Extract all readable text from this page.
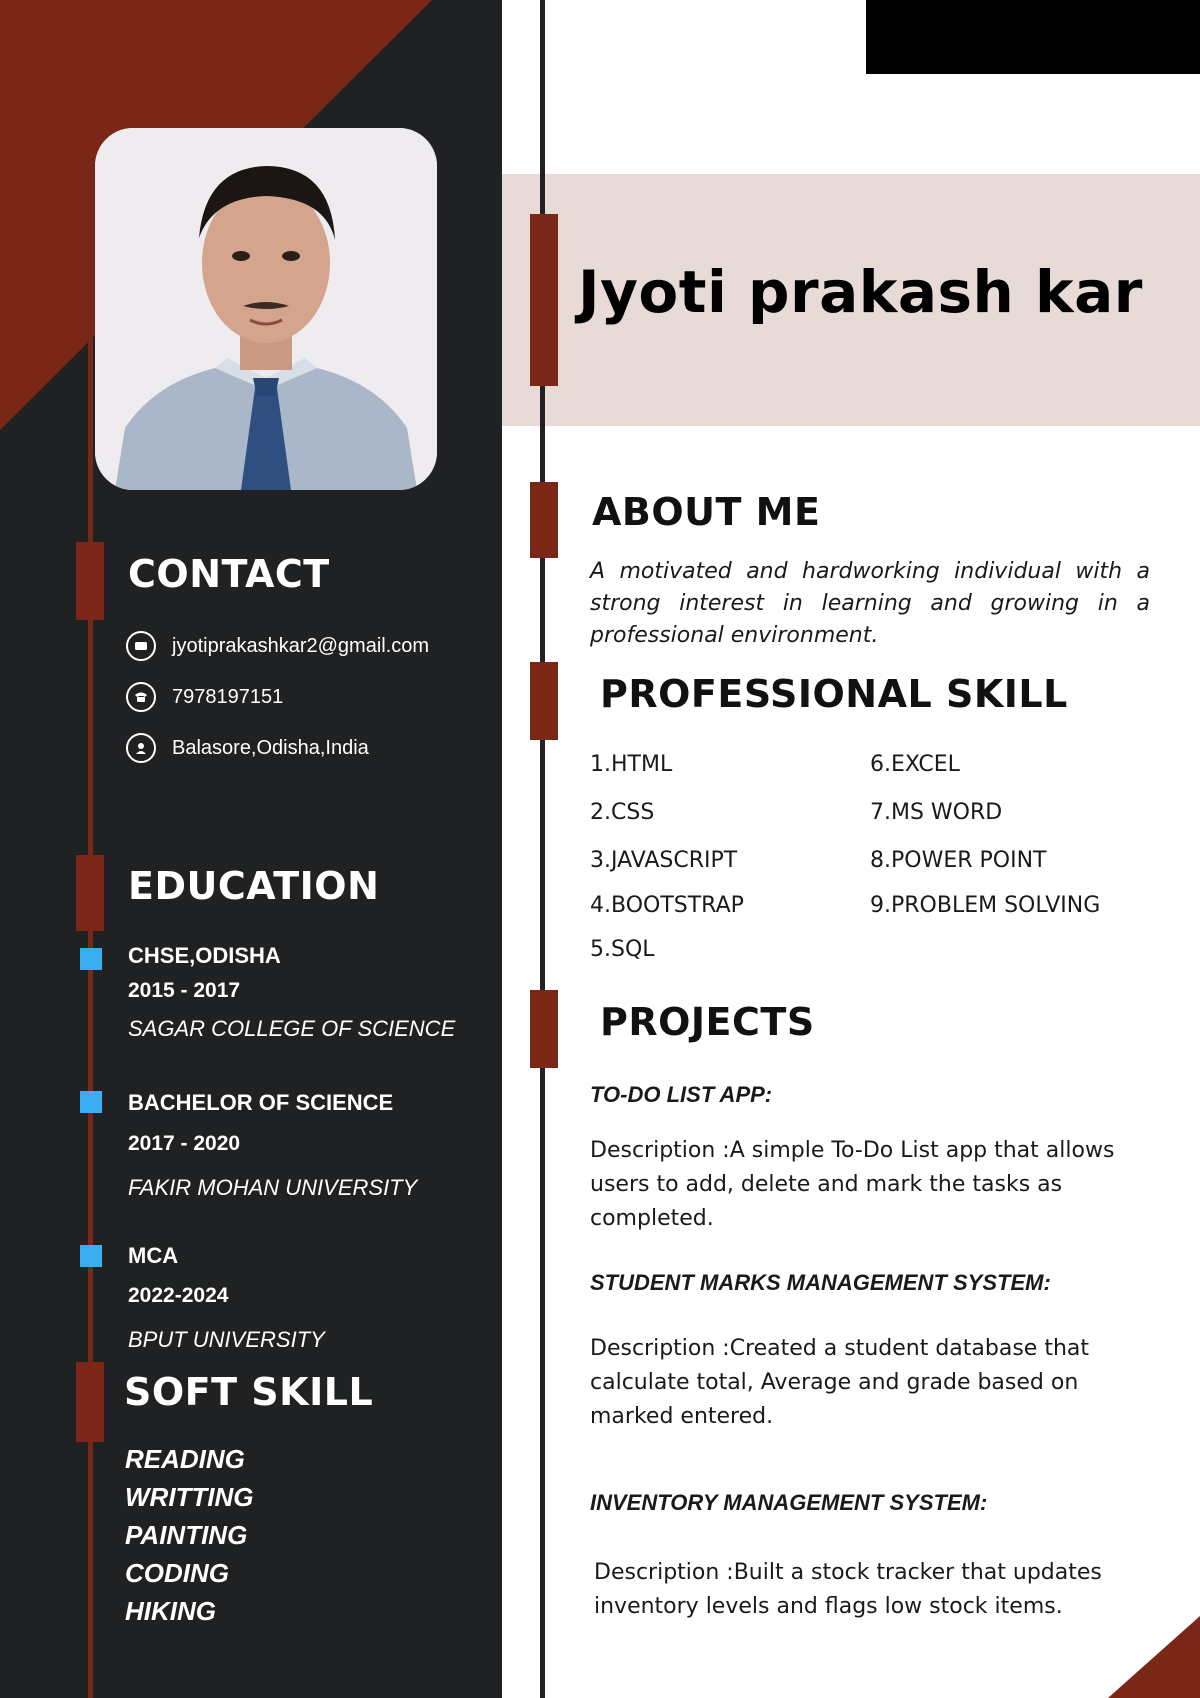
CONTACT
jyotiprakashkar2@gmail.com
7978197151
Balasore,Odisha,India
EDUCATION
CHSE,ODISHA
2015 - 2017
SAGAR COLLEGE OF SCIENCE
BACHELOR OF SCIENCE
2017 - 2020
FAKIR MOHAN UNIVERSITY
MCA
2022-2024
BPUT UNIVERSITY
SOFT SKILL
READING
WRITTING
PAINTING
CODING
HIKING
Jyoti prakash kar
ABOUT ME

A motivated and hardworking individual with a strong interest in learning and growing in a professional environment.

PROFESSIONAL SKILL
1.HTML
2.CSS
3.JAVASCRIPT
4.BOOTSTRAP
5.SQL
6.EXCEL
7.MS WORD
8.POWER POINT
9.PROBLEM SOLVING
PROJECTS
TO-DO LIST APP:

Description :A simple To-Do List app that allows users to add, delete and mark the tasks as completed.

STUDENT MARKS MANAGEMENT SYSTEM:

Description :Created a student database that calculate total, Average and grade based on marked entered.

INVENTORY MANAGEMENT SYSTEM:

Description :Built a stock tracker that updates inventory levels and flags low stock items.
